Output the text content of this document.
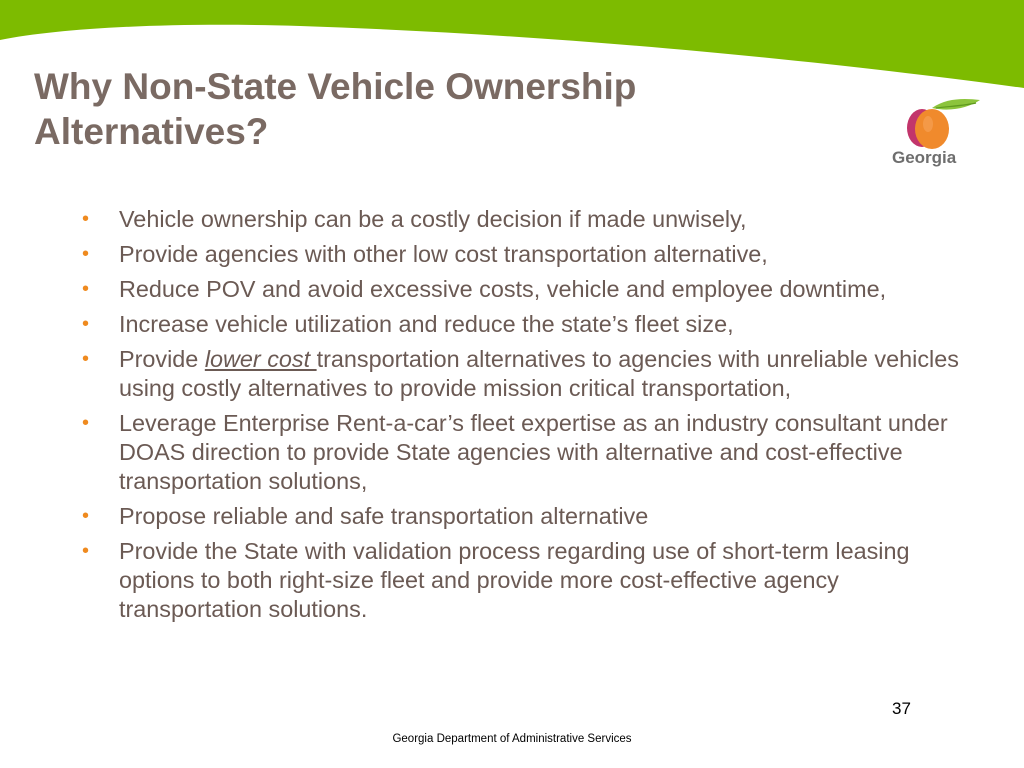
Why Non-State Vehicle Ownership
Alternatives?
Georgia
• Vehicle ownership can be a costly decision if made unwisely,
• Provide agencies with other low cost transportation alternative,
• Reduce POV and avoid excessive costs, vehicle and employee downtime,
• Increase vehicle utilization and reduce the state’s fleet size,
• Provide lower cost transportation alternatives to agencies with unreliable vehicles using costly alternatives to provide mission critical transportation,
• Leverage Enterprise Rent-a-car’s fleet expertise as an industry consultant under DOAS direction to provide State agencies with alternative and cost-effective transportation solutions,
• Propose reliable and safe transportation alternative
• Provide the State with validation process regarding use of short-term leasing options to both right-size fleet and provide more cost-effective agency transportation solutions.
37
Georgia Department of Administrative Services
